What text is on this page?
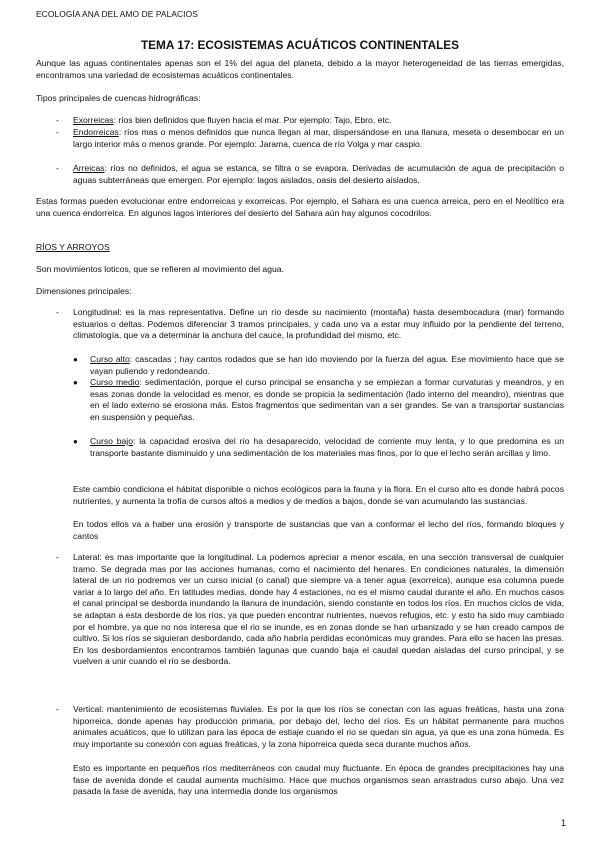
ECOLOGÍA ANA DEL AMO DE PALACIOS
TEMA 17: ECOSISTEMAS ACUÁTICOS CONTINENTALES
Aunque las aguas continentales apenas son el 1% del agua del planeta, debido a la mayor heterogeneidad de las tierras emergidas, encontramos una variedad de ecosistemas acuáticos continentales.
Tipos principales de cuencas hidrográficas:
- Exorreicas: ríos bien definidos que fluyen hacia el mar. Por ejemplo: Tajo, Ebro, etc.
- Endorreicas: ríos mas o menos definidos que nunca llegan al mar, dispersándose en una llanura, meseta o desembocar en un largo interior más o menos grande. Por ejemplo: Jarama, cuenca de río Volga y mar caspio.
- Arreicas: ríos no definidos, el agua se estanca, se filtra o se evapora. Derivadas de acumulación de agua de precipitación o aguas subterráneas que emergen. Por ejemplo: lagos aislados, oasis del desierto aislados.
Estas formas pueden evolucionar entre endorreicas y exorreicas. Por ejemplo, el Sahara es una cuenca arreica, pero en el Neolítico era una cuenca endorreica. En algunos lagos interiores del desierto del Sahara aún hay algunos cocodrilos.
RÍOS Y ARROYOS
Son movimientos loticos, que se refieren al movimiento del agua.
Dimensiones principales:
- Longitudinal: es la mas representativa. Define un río desde su nacimiento (montaña) hasta desembocadura (mar) formando estuarios o deltas. Podemos diferenciar 3 tramos principales, y cada uno va a estar muy influido por la pendiente del terreno, climatología, que va a determinar la anchura del cauce, la profundidad del mismo, etc.
● Curso alto: cascadas ; hay cantos rodados que se han ido moviendo por la fuerza del agua. Ese movimiento hace que se vayan puliendo y redondeando.
● Curso medio: sedimentación, porque el curso principal se ensancha y se empiezan a formar curvaturas y meandros, y en esas zonas donde la velocidad es menor, es donde se propicia la sedimentación (lado interno del meandro), mientras que en el lado externo se erosiona más. Estos fragmentos que sedimentan van a ser grandes. Se van a transportar sustancias en suspensión y pequeñas.
● Curso bajo: la capacidad erosiva del río ha desaparecido, velocidad de corriente muy lenta, y lo que predomina es un transporte bastante disminuido y una sedimentación de los materiales mas finos, por lo que el lecho serán arcillas y limo.
Este cambio condiciona el hábitat disponible o nichos ecológicos para la fauna y la flora. En el curso alto es donde habrá pocos nutrientes, y aumenta la trofía de cursos altos a medios y de medios a bajos, donde se van acumulando las sustancias.
En todos ellos va a haber una erosión y transporte de sustancias que van a conformar el lecho del ríos, formando bloques y cantos
- Lateral: es mas importante que la longitudinal. La podemos apreciar a menor escala, en una sección transversal de cualquier tramo. Se degrada mas por las acciones humanas, como el nacimiento del henares. En condiciones naturales, la dimensión lateral de un rio podremos ver un curso inicial (o canal) que siempre va a tener agua (exorreica), aunque esa columna puede variar a lo largo del año. En latitudes medias, donde hay 4 estaciones, no es el mismo caudal durante el año. En muchos casos el canal principal se desborda inundando la llanura de inundación, siendo constante en todos los ríos. En muchos ciclos de vida, se adaptan a esta desborde de los ríos, ya que pueden encontrar nutrientes, nuevos refugios, etc. y esto ha sido muy cambiado por el hombre, ya que no nos interesa que el rio se inunde, es en zonas donde se han urbanizado y se han creado campos de cultivo. Si los ríos se siguieran desbordando, cada año habría perdidas económicas muy grandes. Para ello se hacen las presas. En los desbordamientos encontramos también lagunas que cuando baja el caudal quedan aisladas del curso principal, y se vuelven a unir cuando el río se desborda.
- Vertical: mantenimiento de ecosistemas fluviales. Es por la que los ríos se conectan con las aguas freáticas, hasta una zona hiporreica, donde apenas hay producción primaria, por debajo del, lecho del ríos. Es un hábitat permanente para muchos animales acuáticos, que lo utilizan para las época de estiaje cuando el rio se quedan sin agua, ya que es una zona húmeda. Es muy importante su conexión con aguas freáticas, y la zona hiporreica queda seca durante muchos años.
Esto es importante en pequeños ríos mediterráneos con caudal muy fluctuante. En época de grandes precipitaciones hay una fase de avenida donde el caudal aumenta muchísimo. Hace que muchos organismos sean arrastrados curso abajo. Una vez pasada la fase de avenida, hay una intermedia donde los organismos
1
